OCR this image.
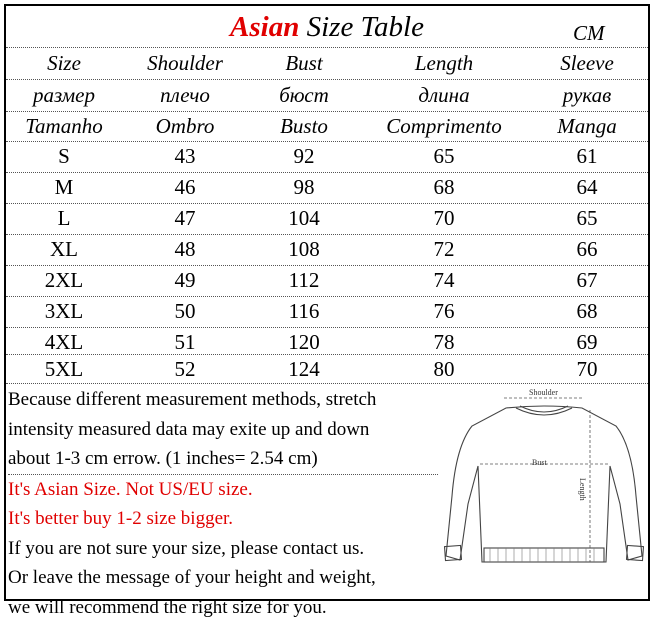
Asian Size Table	CM
Size	Shoulder	Bust	Length	Sleeve
размер	плечо	бюст	длина	рукав
Tamanho	Ombro	Busto	Comprimento	Manga
S	43	92	65	61
M	46	98	68	64
L	47	104	70	65
XL	48	108	72	66
2XL	49	112	74	67
3XL	50	116	76	68
4XL	51	120	78	69
5XL	52	124	80	70
Because different measurement methods, stretch
intensity measured data may exite up and down
about 1-3 cm errow. (1 inches= 2.54 cm)
It's Asian Size. Not US/EU size.
It's better buy 1-2 size bigger.
If you are not sure your size, please contact us.
Or leave the message of your height and weight,
we will recommend the right size for you.
Shoulder
Bust
Length
